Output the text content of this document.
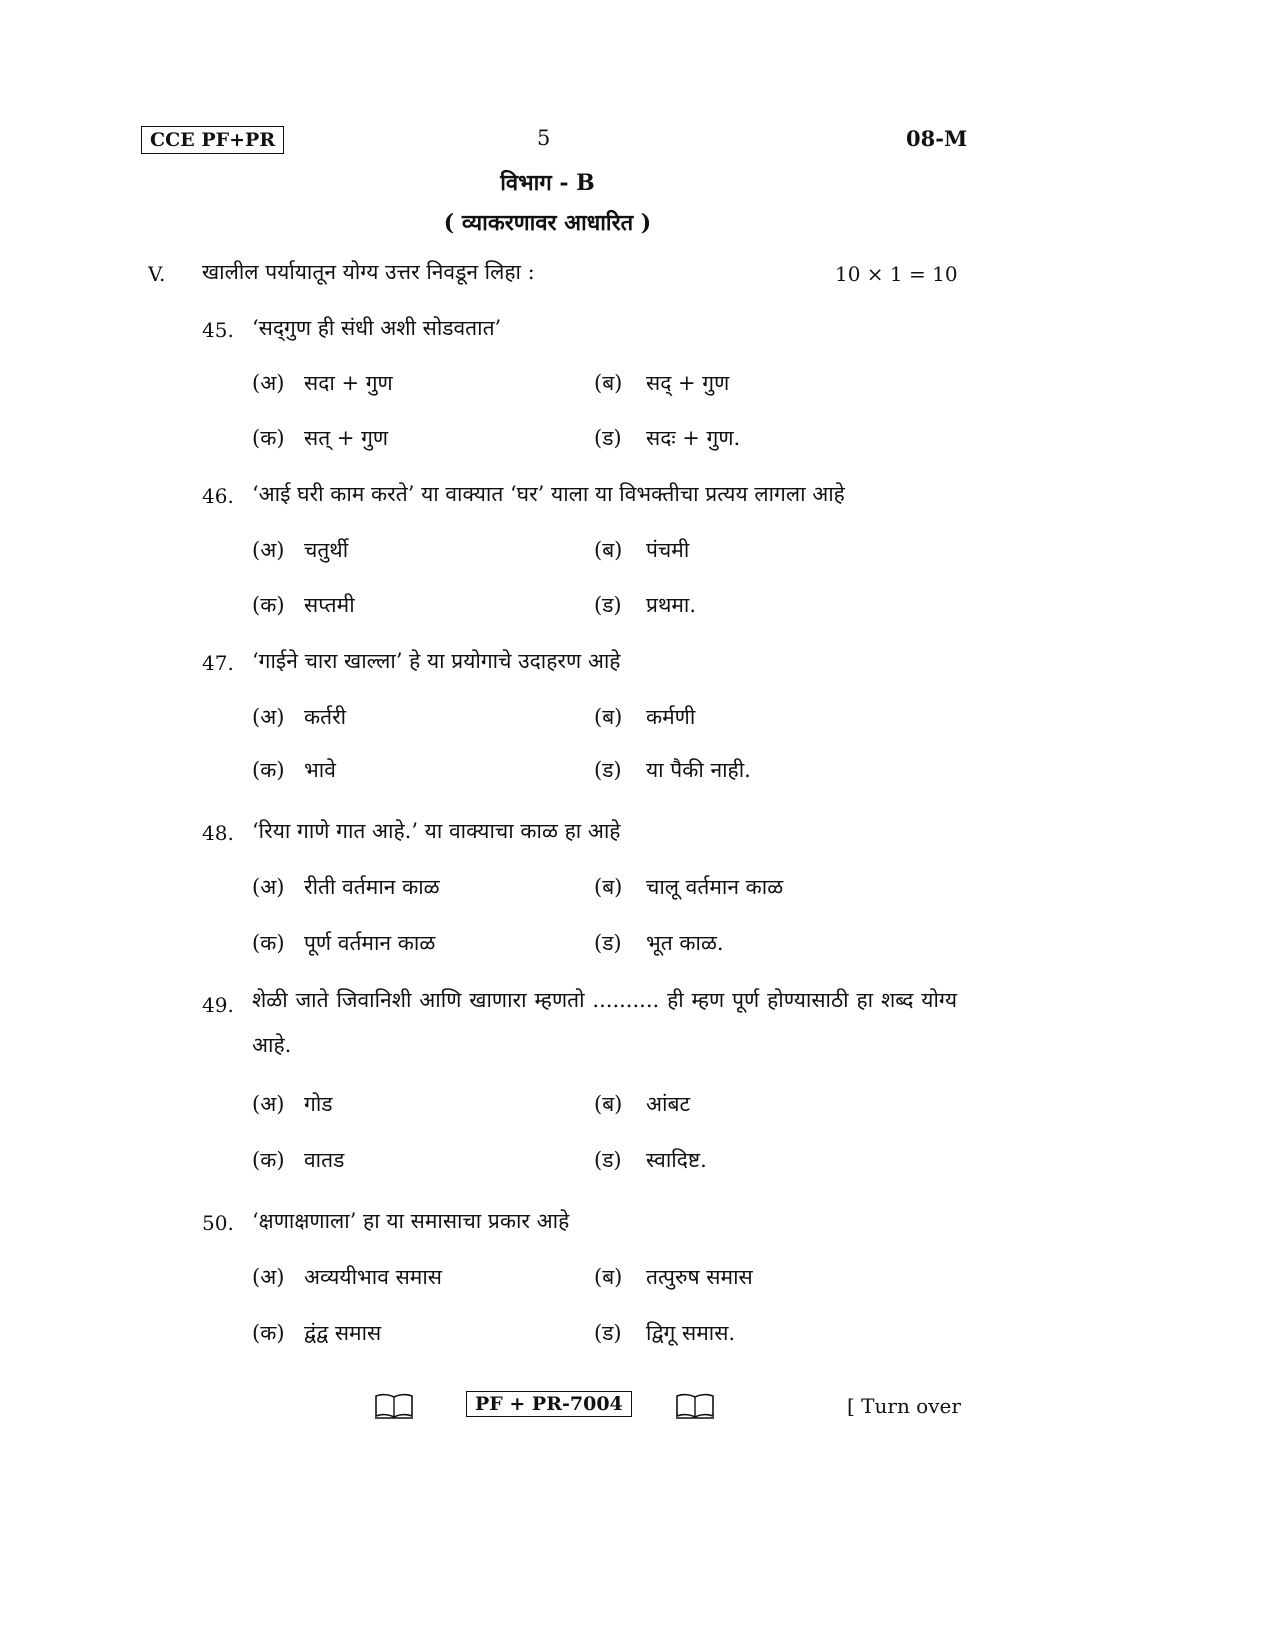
CCE PF+PR	5	08-M
विभाग - B
( व्याकरणावर आधारित )
V. खालील पर्यायातून योग्य उत्तर निवडून लिहा :	10 × 1 = 10
45. ‘सद्‌गुण ही संधी अशी सोडवतात’
(अ) सदा + गुण	(ब) सद् + गुण
(क) सत् + गुण	(ड) सदः + गुण.
46. ‘आई घरी काम करते’ या वाक्यात ‘घर’ याला या विभक्तीचा प्रत्यय लागला आहे
(अ) चतुर्थी	(ब) पंचमी
(क) सप्तमी	(ड) प्रथमा.
47. ‘गाईने चारा खाल्ला’ हे या प्रयोगाचे उदाहरण आहे
(अ) कर्तरी	(ब) कर्मणी
(क) भावे	(ड) या पैकी नाही.
48. ‘रिया गाणे गात आहे.’ या वाक्याचा काळ हा आहे
(अ) रीती वर्तमान काळ	(ब) चालू वर्तमान काळ
(क) पूर्ण वर्तमान काळ	(ड) भूत काळ.
49. शेळी जाते जिवानिशी आणि खाणारा म्हणतो .......... ही म्हण पूर्ण होण्यासाठी हा शब्द योग्य आहे.
(अ) गोड	(ब) आंबट
(क) वातड	(ड) स्वादिष्ट.
50. ‘क्षणाक्षणाला’ हा या समासाचा प्रकार आहे
(अ) अव्ययीभाव समास	(ब) तत्पुरुष समास
(क) द्वंद्व समास	(ड) द्विगू समास.
PF + PR-7004	[ Turn over
